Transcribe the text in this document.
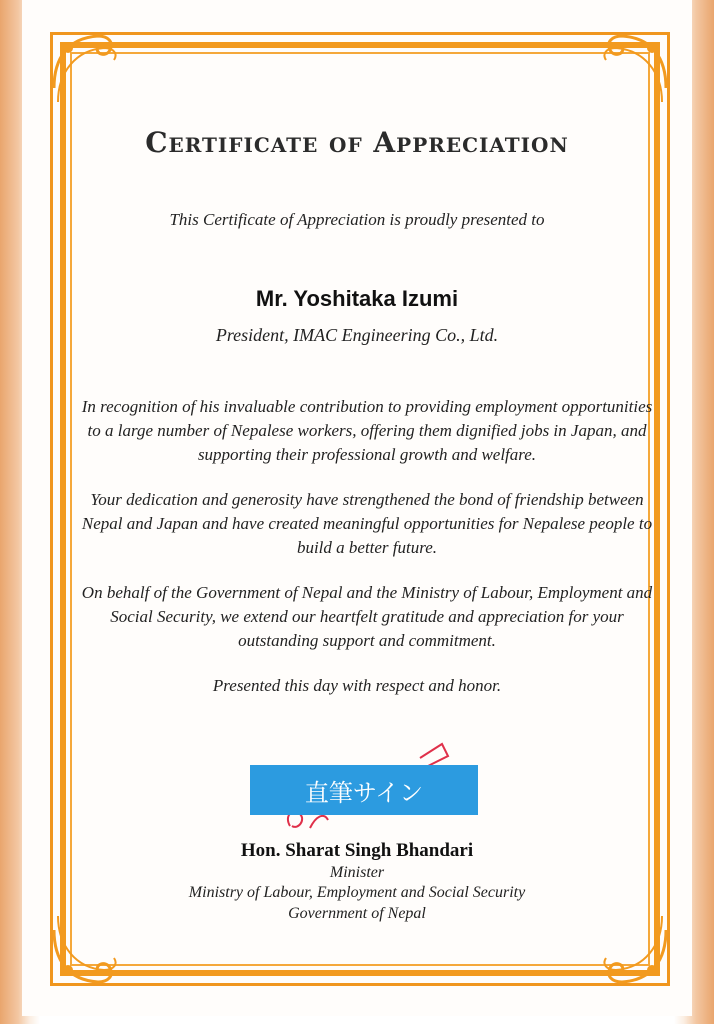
Certificate of Appreciation
This Certificate of Appreciation is proudly presented to
Mr. Yoshitaka Izumi
President, IMAC Engineering Co., Ltd.
In recognition of his invaluable contribution to providing employment opportunities to a large number of Nepalese workers, offering them dignified jobs in Japan, and supporting their professional growth and welfare.
Your dedication and generosity have strengthened the bond of friendship between Nepal and Japan and have created meaningful opportunities for Nepalese people to build a better future.
On behalf of the Government of Nepal and the Ministry of Labour, Employment and Social Security, we extend our heartfelt gratitude and appreciation for your outstanding support and commitment.
Presented this day with respect and honor.
直筆サイン
Hon. Sharat Singh Bhandari
Minister
Ministry of Labour, Employment and Social Security
Government of Nepal
